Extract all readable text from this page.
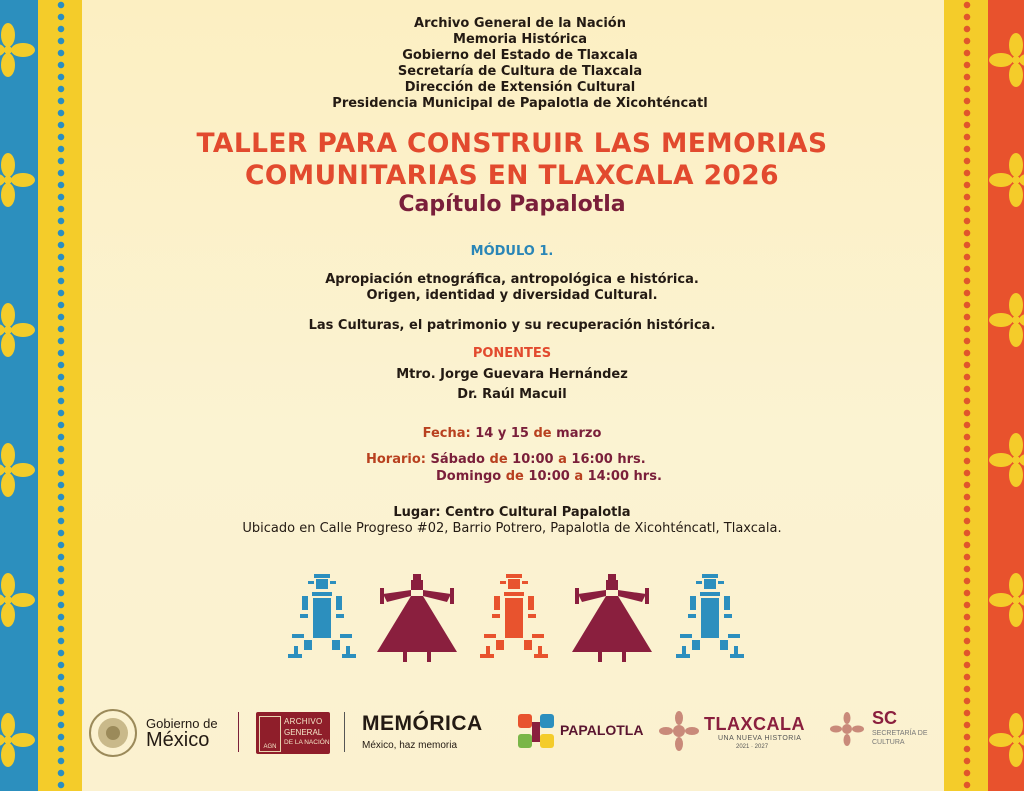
Archivo General de la Nación
Memoria Histórica
Gobierno del Estado de Tlaxcala
Secretaría de Cultura de Tlaxcala
Dirección de Extensión Cultural
Presidencia Municipal de Papalotla de Xicohténcatl
TALLER PARA CONSTRUIR LAS MEMORIAS
COMUNITARIAS EN TLAXCALA 2026
Capítulo Papalotla
MÓDULO 1.
Apropiación etnográfica, antropológica e histórica.
Origen, identidad y diversidad Cultural.
Las Culturas, el patrimonio y su recuperación histórica.
PONENTES
Mtro. Jorge Guevara Hernández
Dr. Raúl Macuil
Fecha: 14 y 15 de marzo
Horario: Sábado de 10:00 a 16:00 hrs.
Domingo de 10:00 a 14:00 hrs.
Lugar: Centro Cultural Papalotla
Ubicado en Calle Progreso #02, Barrio Potrero, Papalotla de Xicohténcatl, Tlaxcala.
Gobierno de
México	AGN
ARCHIVO
GENERAL
DE LA NACIÓN
MEMÓRICA
México, haz memoria
PAPALOTLA	TLAXCALA
UNA NUEVA HISTORIA
2021 · 2027
SC
SECRETARÍA DE
CULTURA
